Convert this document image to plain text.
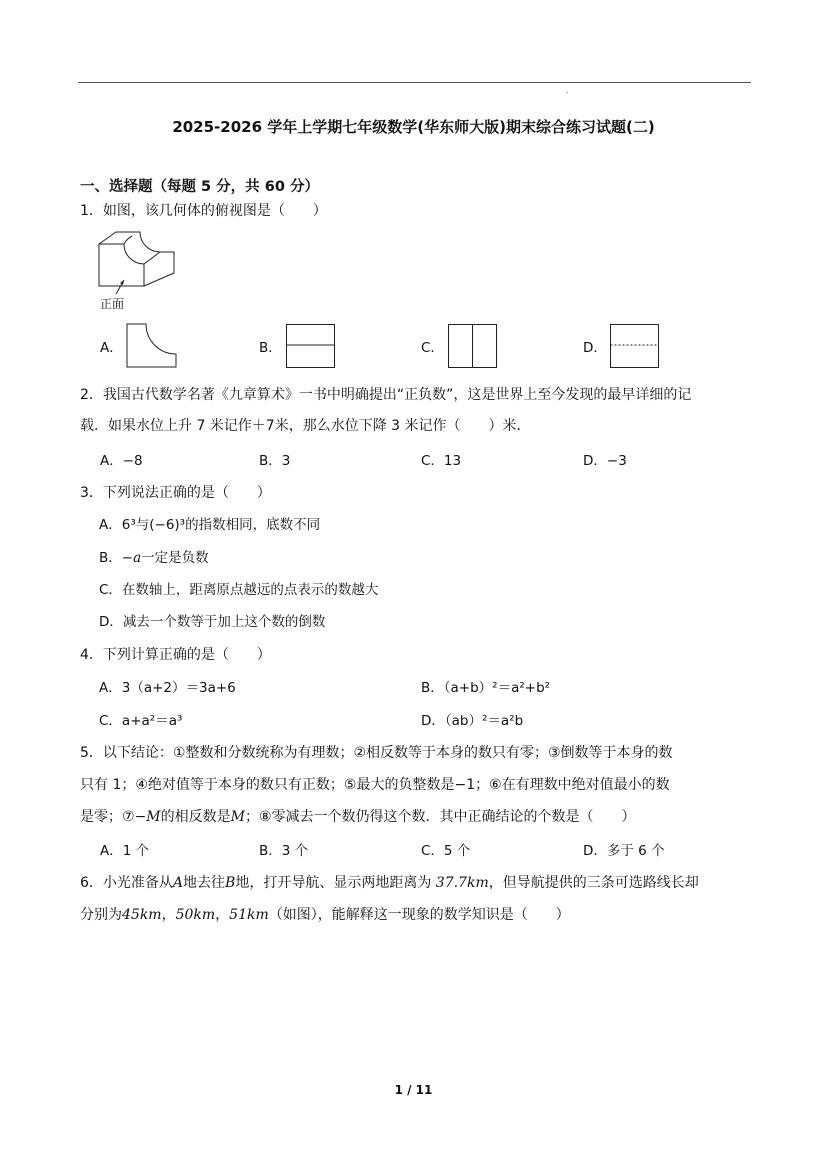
.
2025-2026 学年上学期七年级数学(华东师大版)期末综合练习试题(二)
一、选择题（每题 5 分，共 60 分）
1．如图，该几何体的俯视图是（　　）
正面
A．	B．	C．	D．
2．我国古代数学名著《九章算术》一书中明确提出“正负数”，这是世界上至今发现的最早详细的记
载．如果水位上升 7 米记作＋7米，那么水位下降 3 米记作（　　）米．
A．−8	B．3	C．13	D．−3
3．下列说法正确的是（　　）
A．6³与(−6)³的指数相同，底数不同
B．−a一定是负数
C．在数轴上，距离原点越远的点表示的数越大
D．减去一个数等于加上这个数的倒数
4．下列计算正确的是（　　）
A．3（a+2）＝3a+6	B．（a+b）²＝a²+b²
C．a+a²＝a³	D．（ab）²＝a²b
5．以下结论：①整数和分数统称为有理数；②相反数等于本身的数只有零；③倒数等于本身的数
只有 1；④绝对值等于本身的数只有正数；⑤最大的负整数是−1；⑥在有理数中绝对值最小的数
是零；⑦−M的相反数是M；⑧零减去一个数仍得这个数．其中正确结论的个数是（　　）
A．1 个	B．3 个	C．5 个	D．多于 6 个
6．小光准备从A地去往B地，打开导航、显示两地距离为 37.7km，但导航提供的三条可选路线长却
分别为45km，50km，51km（如图），能解释这一现象的数学知识是（　　）
1 / 11
